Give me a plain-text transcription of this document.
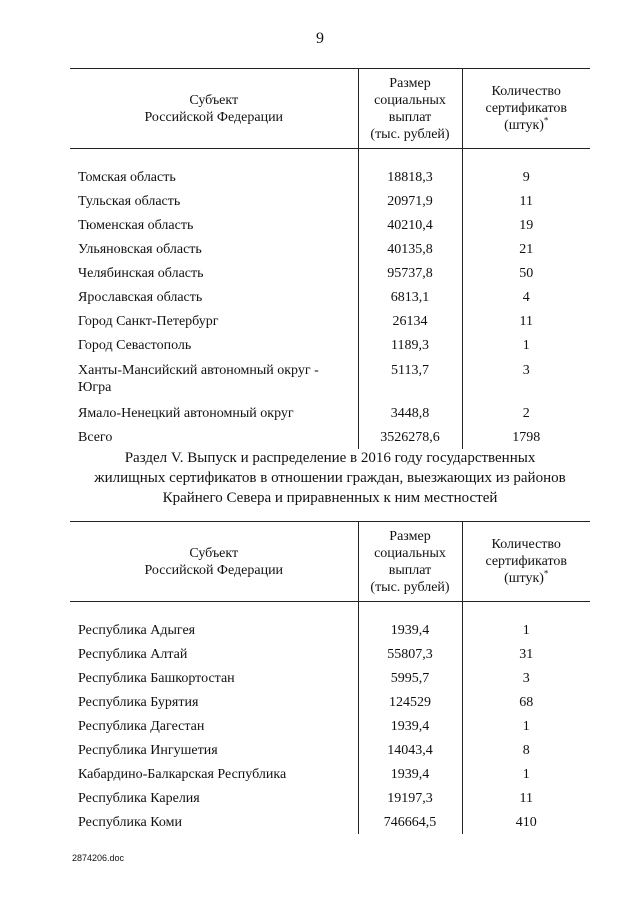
9
Субъект
Российской Федерации	Размер
социальных
выплат
(тыс. рублей)	Количество
сертификатов
(штук)*

Томская область	18818,3	9
Тульская область	20971,9	11
Тюменская область	40210,4	19
Ульяновская область	40135,8	21
Челябинская область	95737,8	50
Ярославская область	6813,1	4
Город Санкт-Петербург	26134	11
Город Севастополь	1189,3	1
Ханты-Мансийский автономный округ -
Югра	5113,7	3

Ямало-Ненецкий автономный округ	3448,8	2
Всего	3526278,6	1798
Раздел V. Выпуск и распределение в 2016 году государственных
жилищных сертификатов в отношении граждан, выезжающих из районов
Крайнего Севера и приравненных к ним местностей
Субъект
Российской Федерации	Размер
социальных
выплат
(тыс. рублей)	Количество
сертификатов
(штук)*

Республика Адыгея	1939,4	1
Республика Алтай	55807,3	31
Республика Башкортостан	5995,7	3
Республика Бурятия	124529	68
Республика Дагестан	1939,4	1
Республика Ингушетия	14043,4	8
Кабардино-Балкарская Республика	1939,4	1
Республика Карелия	19197,3	11
Республика Коми	746664,5	410
2874206.doc
